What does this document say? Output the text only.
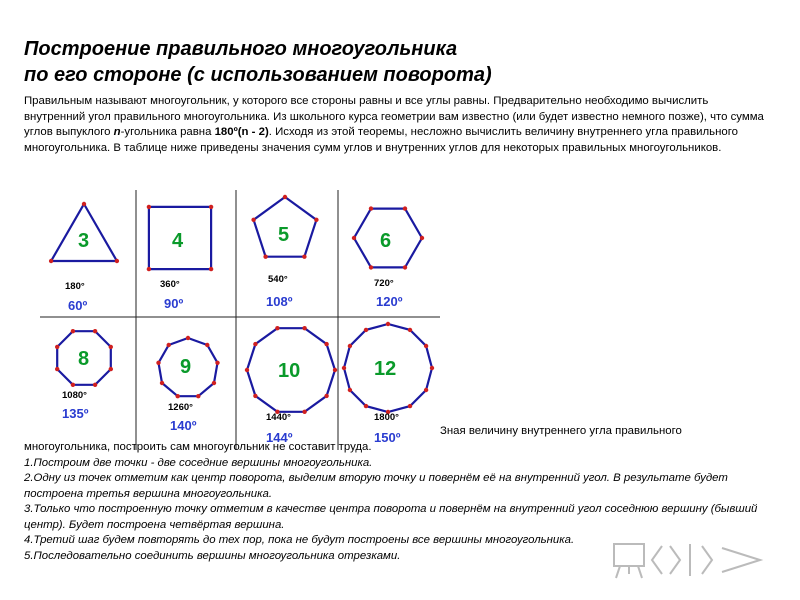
Построение правильного многоугольника
по его стороне (с использованием поворота)
Правильным называют многоугольник, у которого все стороны равны и все углы равны. Предварительно необходимо вычислить внутренний угол правильного многоугольника. Из школьного курса геометрии вам известно (или будет известно немного позже), что сумма углов выпуклого n-угольника равна 180º(n - 2). Исходя из этой теоремы, несложно вычислить величину внутреннего угла правильного многоугольника. В таблице ниже приведены значения сумм углов и внутренних углов для некоторых правильных многоугольников.
3
180°
60º
4
360°
90º
5
540°
108º
6
720°
120º
8
1080°
135º
9
1260°
140º
10
1440°
144º
12
1800°
150º	Зная величину внутреннего угла правильного

многоугольника, построить сам многоугольник не составит труда.

1.Построим две точки - две соседние вершины многоугольника.

2.Одну из точек отметим как центр поворота, выделим вторую точку и повернём её на внутренний угол. В результате будет построена третья вершина многоугольника.

3.Только что построенную точку отметим в качестве центра поворота и повернём на внутренний угол соседнюю вершину (бывший центр). Будет построена четвёртая вершина.

4.Третий шаг будем повторять до тех пор, пока не будут построены все вершины многоугольника.

5.Последовательно соединить вершины многоугольника отрезками.
